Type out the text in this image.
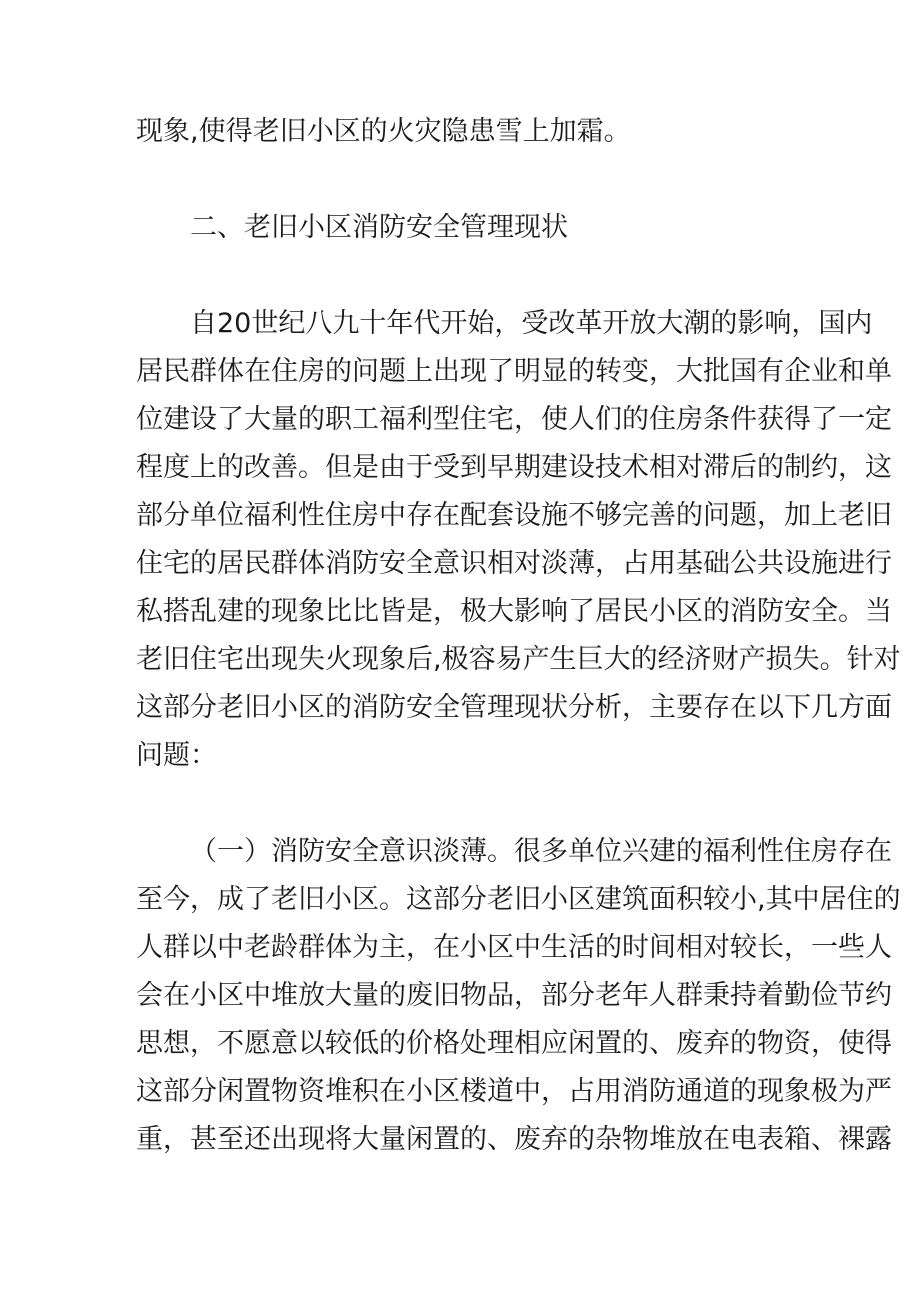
现象,使得老旧小区的火灾隐患雪上加霜。
二、老旧小区消防安全管理现状
自20世纪八九十年代开始，受改革开放大潮的影响，国内
居民群体在住房的问题上出现了明显的转变，大批国有企业和单
位建设了大量的职工福利型住宅，使人们的住房条件获得了一定
程度上的改善。但是由于受到早期建设技术相对滞后的制约，这
部分单位福利性住房中存在配套设施不够完善的问题，加上老旧
住宅的居民群体消防安全意识相对淡薄，占用基础公共设施进行
私搭乱建的现象比比皆是，极大影响了居民小区的消防安全。当
老旧住宅出现失火现象后,极容易产生巨大的经济财产损失。针对
这部分老旧小区的消防安全管理现状分析，主要存在以下几方面
问题：
（一）消防安全意识淡薄。很多单位兴建的福利性住房存在
至今，成了老旧小区。这部分老旧小区建筑面积较小,其中居住的
人群以中老龄群体为主，在小区中生活的时间相对较长，一些人
会在小区中堆放大量的废旧物品，部分老年人群秉持着勤俭节约
思想，不愿意以较低的价格处理相应闲置的、废弃的物资，使得
这部分闲置物资堆积在小区楼道中，占用消防通道的现象极为严
重，甚至还出现将大量闲置的、废弃的杂物堆放在电表箱、裸露
